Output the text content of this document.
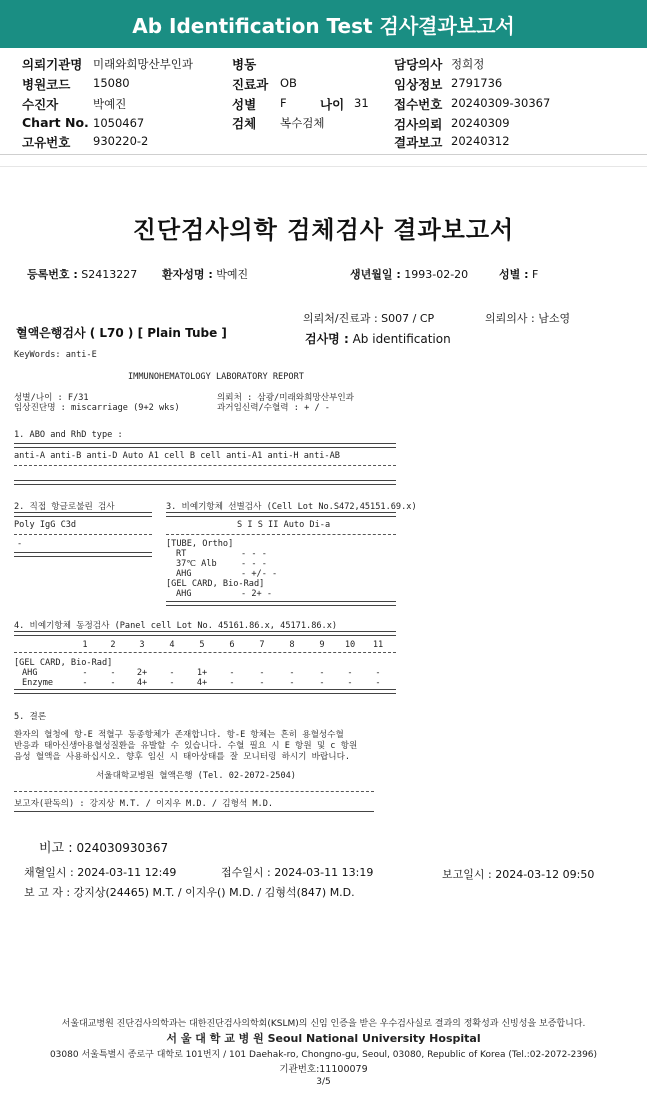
Ab Identification Test 검사결과보고서
의뢰기관명 미래와희망산부인과	병동	담당의사 정희정
병원코드 15080	진료과 OB	임상정보 2791736
수진자	박예진	성별 F	나이 31 접수번호 20240309-30367
Chart No. 1050467	검체 복수검체	검사의뢰 20240309
고유번호 930220-2	결과보고 20240312
진단검사의학 검체검사 결과보고서
등록번호 : S2413227 환자성명 : 박예진	생년월일 : 1993-02-20	성별 : F
의뢰처/진료과 : S007 / CP	의뢰의사 : 남소영
혈액은행검사 ( L70 ) [ Plain Tube ]	검사명 : Ab identification
KeyWords: anti-E
IMMUNOHEMATOLOGY LABORATORY REPORT
성별/나이 : F/31
임상진단명 : miscarriage (9+2 wks)
의뢰처 : 삼광/미래와희망산부인과
과거임신력/수혈력 : + / -
1. ABO and RhD type :
anti-A anti-B anti-D Auto A1 cell B cell anti-A1 anti-H anti-AB
2. 직접 항글로불린 검사
Poly IgG C3d
-
3. 비예기항체 선별검사 (Cell Lot No.S472,45151.69.x)
S I S II Auto Di-a
[TUBE, Ortho]
RT	- - -
37℃ Alb	- - -
AHG	- +/- -
[GEL CARD, Bio-Rad]
AHG	- 2+ -
4. 비예기항체 동정검사 (Panel cell Lot No. 45161.86.x, 45171.86.x)
1	2	3	4	5	6	7	8	9	10	11
[GEL CARD, Bio-Rad]
AHG	-	-	2+	-	1+	-	-	-	-	-	-
Enzyme	-	-	4+	-	4+	-	-	-	-	-	-
5. 결론
환자의 혈청에 항-E 적혈구 동종항체가 존재합니다. 항-E 항체는 흔히 용혈성수혈
반응과 태아신생아용혈성질환을 유발할 수 있습니다. 수혈 필요 시 E 항원 및 c 항원
음성 혈액을 사용하십시오. 향후 임신 시 태아상태를 잘 모니터링 하시기 바랍니다.
서울대학교병원 혈액은행 (Tel. 02-2072-2504)
보고자(판독의) : 강지상 M.T. / 이지우 M.D. / 김형석 M.D.
비고 : 024030930367
채혈일시 : 2024-03-11 12:49	접수일시 : 2024-03-11 13:19	보고일시 : 2024-03-12 09:50
보 고 자 : 강지상(24465) M.T. / 이지우() M.D. / 김형석(847) M.D.
서울대교병원 진단검사의학과는 대한진단검사의학회(KSLM)의 신임 인증을 받은 우수검사실로 결과의 정확성과 신빙성을 보증합니다.
서 울 대 학 교 병 원 Seoul National University Hospital
03080 서울특별시 종로구 대학로 101번지 / 101 Daehak-ro, Chongno-gu, Seoul, 03080, Republic of Korea (Tel.:02-2072-2396)
기관번호:11100079
3/5
